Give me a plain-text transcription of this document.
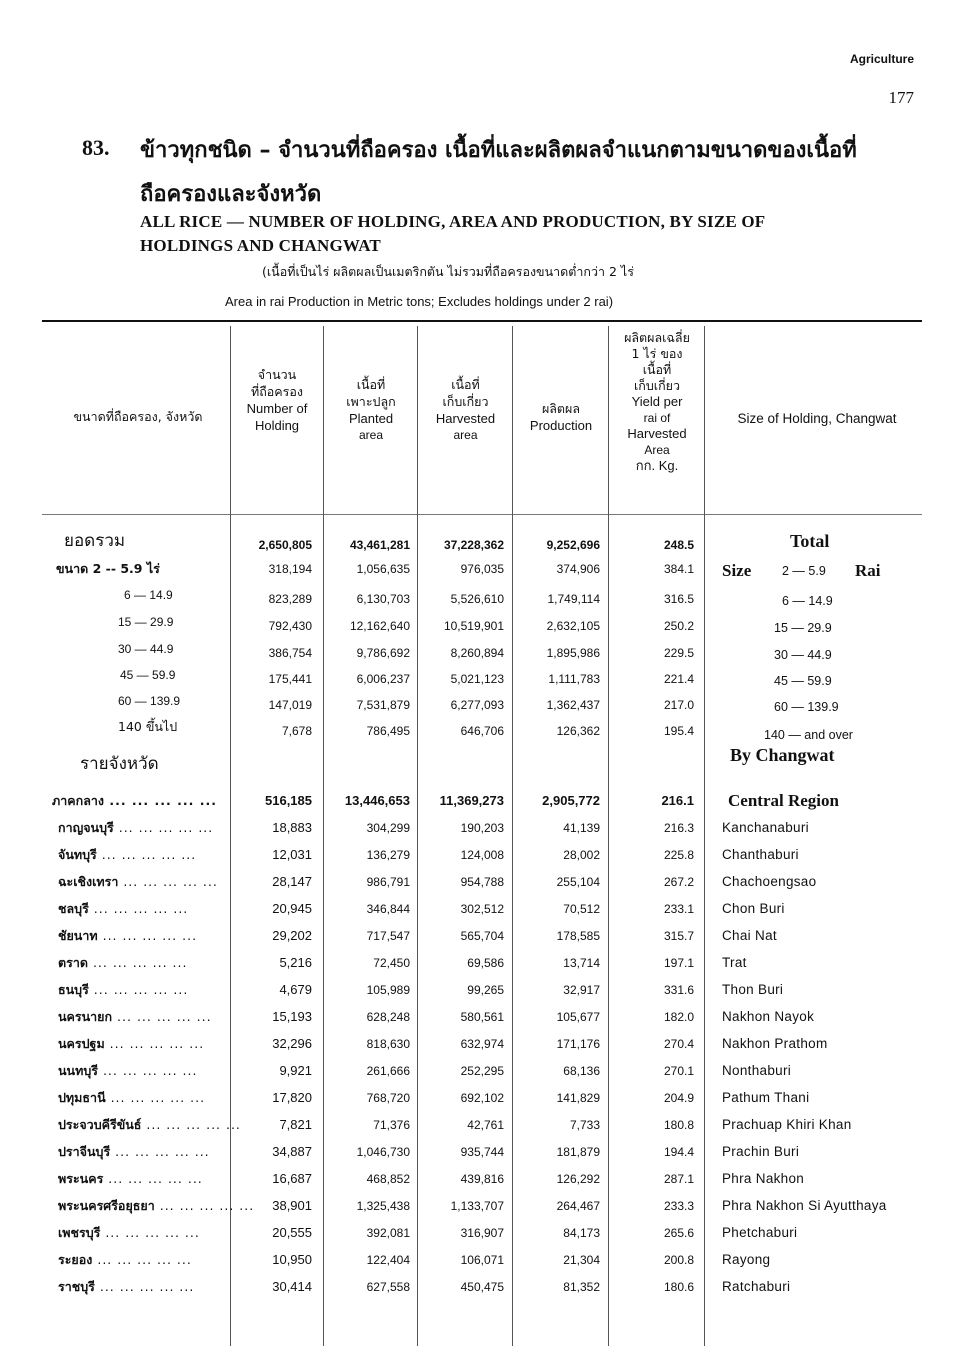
Agriculture
177
83. ข้าวทุกชนิด – จำนวนที่ถือครอง เนื้อที่และผลิตผลจำแนกตามขนาดของเนื้อที่
ถือครองและจังหวัด
ALL RICE — NUMBER OF HOLDING, AREA AND PRODUCTION, BY SIZE OF
HOLDINGS AND CHANGWAT
(เนื้อที่เป็นไร่ ผลิตผลเป็นเมตริกตัน ไม่รวมที่ถือครองขนาดต่ำกว่า 2 ไร่
Area in rai Production in Metric tons; Excludes holdings under 2 rai)
ขนาดที่ถือครอง, จังหวัด
จำนวน
ที่ถือครอง
Number of
Holding
เนื้อที่
เพาะปลูก
Planted
area
เนื้อที่
เก็บเกี่ยว
Harvested
area
ผลิตผล
Production
ผลิตผลเฉลี่ย
1 ไร่ ของ
เนื้อที่
เก็บเกี่ยว
Yield per
rai of
Harvested
Area
กก. Kg.
Size of Holding, Changwat
ยอดรวม	2,650,805	43,461,281	37,228,362	9,252,696	248.5	Total
ขนาด 2 -- 5.9 ไร่	318,194	1,056,635	976,035	374,906	384.1 Size 2 — 5.9 Rai
6 — 14.9	823,289	6,130,703	5,526,610	1,749,114	316.5	6 — 14.9
15 — 29.9	792,430	12,162,640	10,519,901	2,632,105	250.2	15 — 29.9
30 — 44.9	386,754	9,786,692	8,260,894	1,895,986	229.5	30 — 44.9
45 — 59.9	175,441	6,006,237	5,021,123	1,111,783	221.4	45 — 59.9
60 — 139.9	147,019	7,531,879	6,277,093	1,362,437	217.0	60 — 139.9
140 ขึ้นไป	7,678	786,495	646,706	126,362	195.4	140 — and over
รายจังหวัด	By Changwat
ภาคกลาง ... ... ... ... ...	516,185	13,446,653	11,369,273	2,905,772	216.1 Central Region
กาญจนบุรี ... ... ... ... ...	18,883	304,299	190,203	41,139	216.3 Kanchanaburi
จันทบุรี ... ... ... ... ...	12,031	136,279	124,008	28,002	225.8 Chanthaburi
ฉะเชิงเทรา ... ... ... ... ...	28,147	986,791	954,788	255,104	267.2 Chachoengsao
ชลบุรี ... ... ... ... ...	20,945	346,844	302,512	70,512	233.1 Chon Buri
ชัยนาท ... ... ... ... ...	29,202	717,547	565,704	178,585	315.7 Chai Nat
ตราด ... ... ... ... ...	5,216	72,450	69,586	13,714	197.1 Trat
ธนบุรี ... ... ... ... ...	4,679	105,989	99,265	32,917	331.6 Thon Buri
นครนายก ... ... ... ... ...	15,193	628,248	580,561	105,677	182.0 Nakhon Nayok
นครปฐม ... ... ... ... ...	32,296	818,630	632,974	171,176	270.4 Nakhon Prathom
นนทบุรี ... ... ... ... ...	9,921	261,666	252,295	68,136	270.1 Nonthaburi
ปทุมธานี ... ... ... ... ...	17,820	768,720	692,102	141,829	204.9 Pathum Thani
ประจวบคีรีขันธ์ ... ... ... ... ...	7,821	71,376	42,761	7,733	180.8 Prachuap Khiri Khan
ปราจีนบุรี ... ... ... ... ...	34,887	1,046,730	935,744	181,879	194.4 Prachin Buri
พระนคร ... ... ... ... ...	16,687	468,852	439,816	126,292	287.1 Phra Nakhon
พระนครศรีอยุธยา ... ... ... ... ...	38,901	1,325,438	1,133,707	264,467	233.3 Phra Nakhon Si Ayutthaya
เพชรบุรี ... ... ... ... ...	20,555	392,081	316,907	84,173	265.6 Phetchaburi
ระยอง ... ... ... ... ...	10,950	122,404	106,071	21,304	200.8 Rayong
ราชบุรี ... ... ... ... ...	30,414	627,558	450,475	81,352	180.6 Ratchaburi
